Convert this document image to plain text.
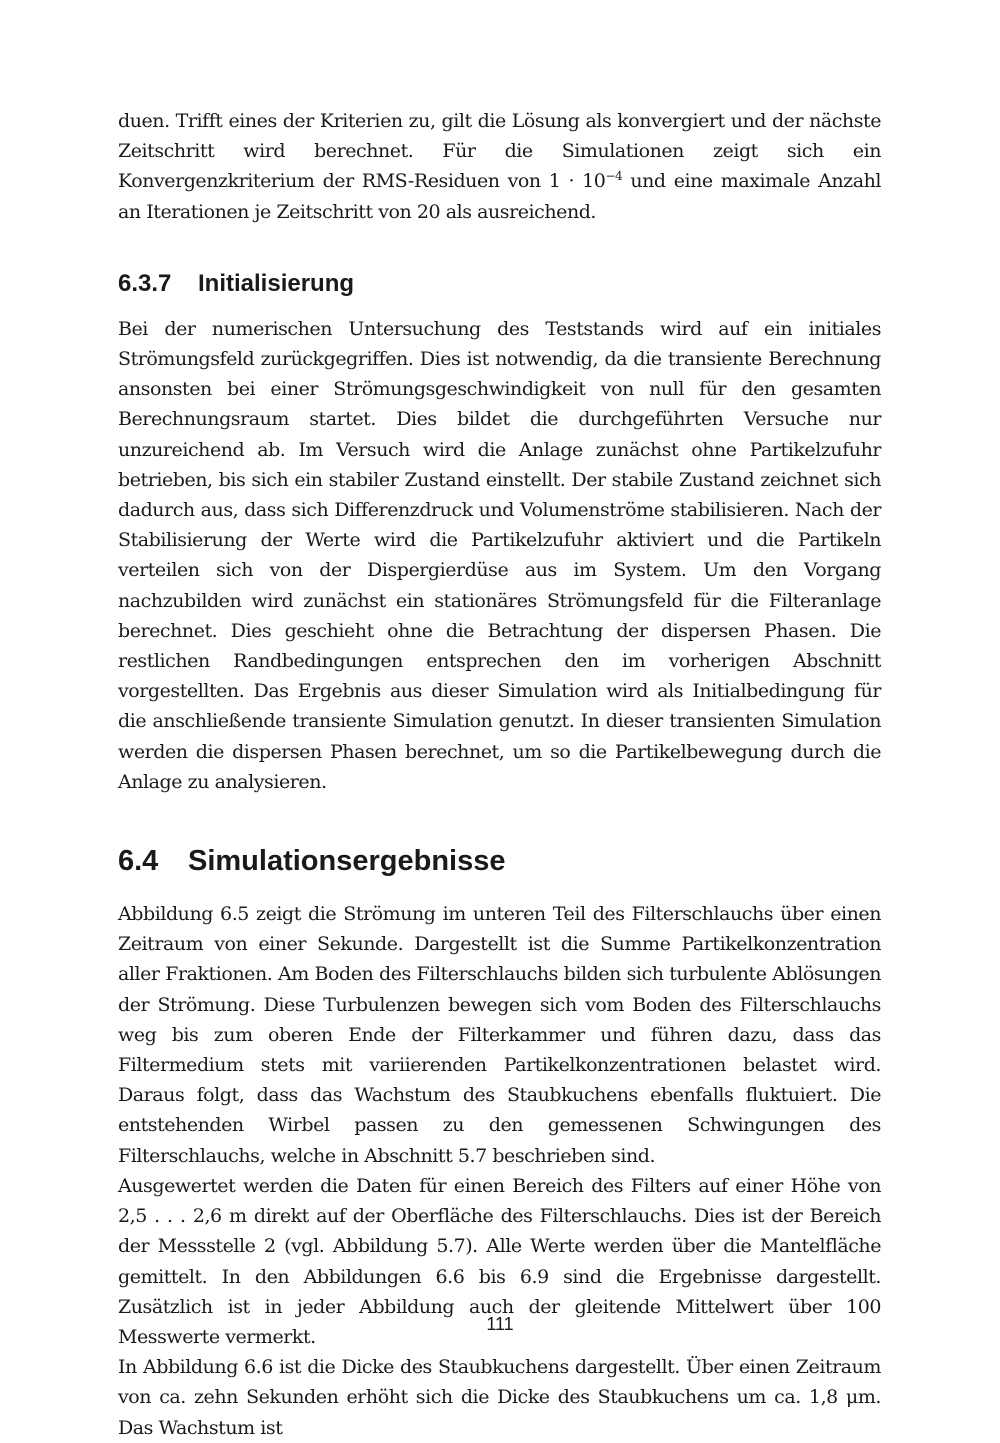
duen. Trifft eines der Kriterien zu, gilt die Lösung als konvergiert und der nächste Zeitschritt wird berechnet. Für die Simulationen zeigt sich ein Konvergenzkriterium der RMS-Residuen von $1 \cdot 10^{-4}$ und eine maximale Anzahl an Iterationen je Zeitschritt von 20 als ausreichend.

6.3.7 Initialisierung

Bei der numerischen Untersuchung des Teststands wird auf ein initiales Strömungsfeld zurückgegriffen. Dies ist notwendig, da die transiente Berechnung ansonsten bei einer Strömungsgeschwindigkeit von null für den gesamten Berechnungsraum startet. Dies bildet die durchgeführten Versuche nur unzureichend ab. Im Versuch wird die Anlage zunächst ohne Partikelzufuhr betrieben, bis sich ein stabiler Zustand einstellt. Der stabile Zustand zeichnet sich dadurch aus, dass sich Differenzdruck und Volumenströme stabilisieren. Nach der Stabilisierung der Werte wird die Partikelzufuhr aktiviert und die Partikeln verteilen sich von der Dispergierdüse aus im System. Um den Vorgang nachzubilden wird zunächst ein stationäres Strömungsfeld für die Filteranlage berechnet. Dies geschieht ohne die Betrachtung der dispersen Phasen. Die restlichen Randbedingungen entsprechen den im vorherigen Abschnitt vorgestellten. Das Ergebnis aus dieser Simulation wird als Initialbedingung für die anschließende transiente Simulation genutzt. In dieser transienten Simulation werden die dispersen Phasen berechnet, um so die Partikelbewegung durch die Anlage zu analysieren.

6.4 Simulationsergebnisse

Abbildung 6.5 zeigt die Strömung im unteren Teil des Filterschlauchs über einen Zeitraum von einer Sekunde. Dargestellt ist die Summe Partikelkonzentration aller Fraktionen. Am Boden des Filterschlauchs bilden sich turbulente Ablösungen der Strömung. Diese Turbulenzen bewegen sich vom Boden des Filterschlauchs weg bis zum oberen Ende der Filterkammer und führen dazu, dass das Filtermedium stets mit variierenden Partikelkonzentrationen belastet wird. Daraus folgt, dass das Wachstum des Staubkuchens ebenfalls fluktuiert. Die entstehenden Wirbel passen zu den gemessenen Schwingungen des Filterschlauchs, welche in Abschnitt 5.7 beschrieben sind.

Ausgewertet werden die Daten für einen Bereich des Filters auf einer Höhe von 2,5 . . . 2,6 m direkt auf der Oberfläche des Filterschlauchs. Dies ist der Bereich der Messstelle 2 (vgl. Abbildung 5.7). Alle Werte werden über die Mantelfläche gemittelt. In den Abbildungen 6.6 bis 6.9 sind die Ergebnisse dargestellt. Zusätzlich ist in jeder Abbildung auch der gleitende Mittelwert über 100 Messwerte vermerkt.

In Abbildung 6.6 ist die Dicke des Staubkuchens dargestellt. Über einen Zeitraum von ca. zehn Sekunden erhöht sich die Dicke des Staubkuchens um ca. 1,8 μm. Das Wachstum ist

111
